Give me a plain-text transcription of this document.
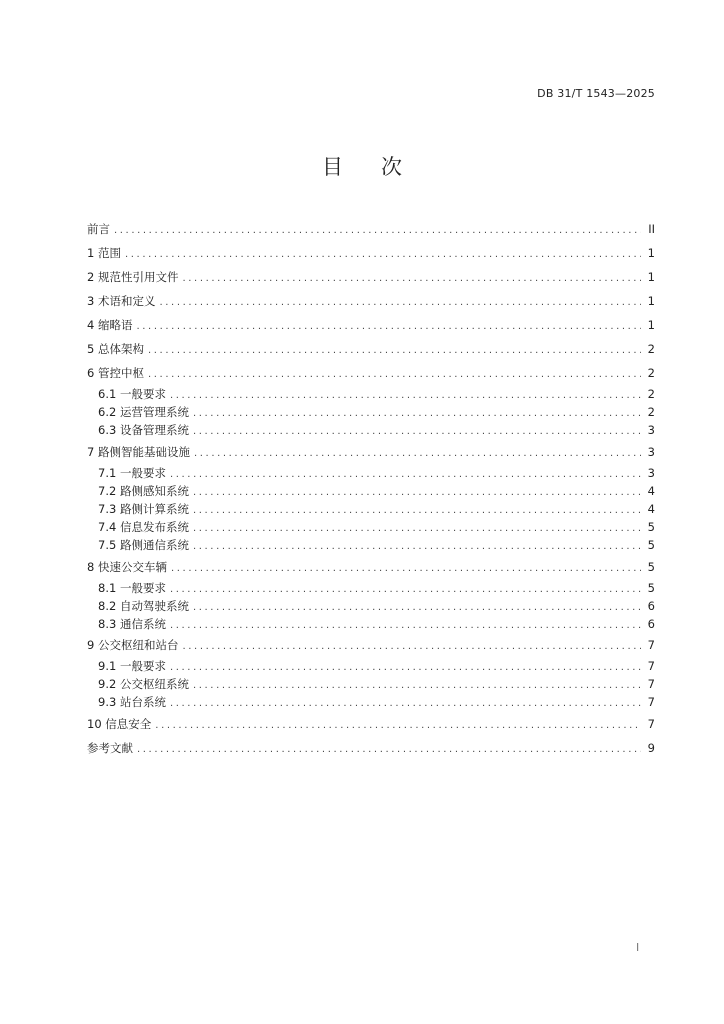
DB 31/T 1543—2025
目 次
前言 .....	II
1 范围 .....	1
2 规范性引用文件 .....	1
3 术语和定义 .....	1
4 缩略语 .....	1
5 总体架构 .....	2
6 管控中枢 .....	2
6.1 一般要求 .....	2
6.2 运营管理系统 .....	2
6.3 设备管理系统 .....	3
7 路侧智能基础设施 .....	3
7.1 一般要求 .....	3
7.2 路侧感知系统 .....	4
7.3 路侧计算系统 .....	4
7.4 信息发布系统 .....	5
7.5 路侧通信系统 .....	5
8 快速公交车辆 .....	5
8.1 一般要求 .....	5
8.2 自动驾驶系统 .....	6
8.3 通信系统 .....	6
9 公交枢纽和站台 .....	7
9.1 一般要求 .....	7
9.2 公交枢纽系统 .....	7
9.3 站台系统 .....	7
10 信息安全 .....	7
参考文献 .....	9
I
